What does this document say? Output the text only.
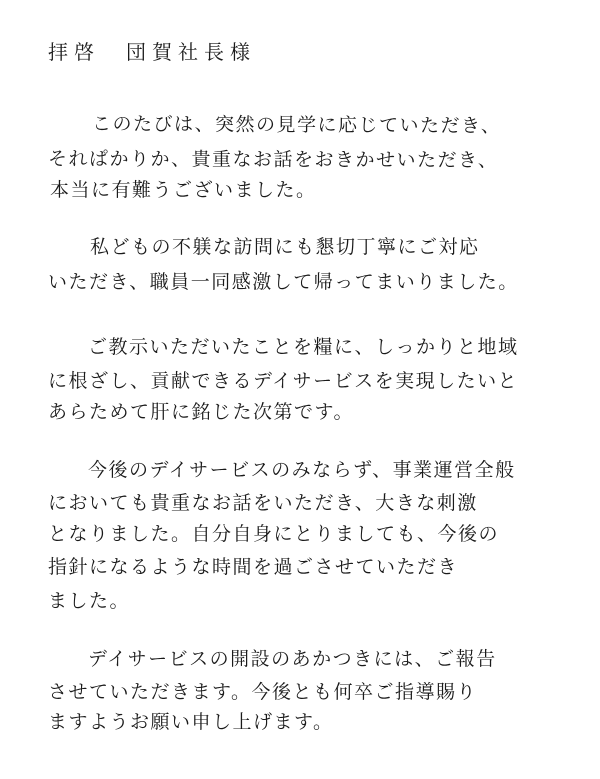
拝啓　団賀社長様
このたびは、突然の見学に応じていただき、
それぱかりか、貴重なお話をおきかせいただき、
本当に有難うございました。
私どもの不躾な訪問にも懇切丁寧にご対応
いただき、職員一同感激して帰ってまいりました。
ご教示いただいたことを糧に、しっかりと地域
に根ざし、貢献できるデイサービスを実現したいと
あらためて肝に銘じた次第です。
今後のデイサービスのみならず、事業運営全般
においても貴重なお話をいただき、大きな刺激
となりました。自分自身にとりましても、今後の
指針になるような時間を過ごさせていただき
ました。
デイサービスの開設のあかつきには、ご報告
させていただきます。今後とも何卒ご指導賜り
ますようお願い申し上げます。
